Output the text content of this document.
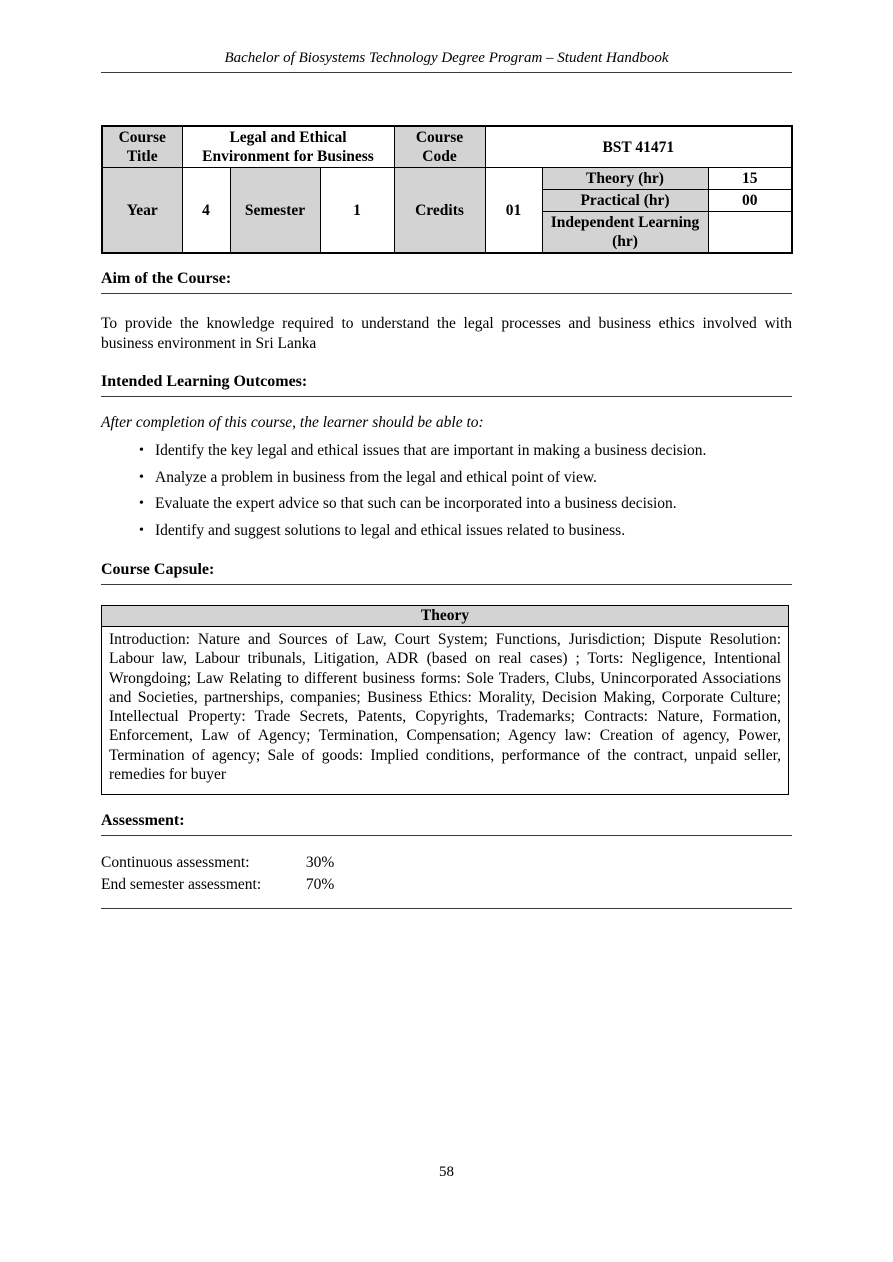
Bachelor of Biosystems Technology Degree Program – Student Handbook
Course Title	Legal and Ethical Environment for Business			Course Code	BST 41471		
Year	4	Semester	1	Credits	01	Theory (hr)	15
						Practical (hr)	00
						Independent Learning (hr)	
Aim of the Course:

To provide the knowledge required to understand the legal processes and business ethics involved with business environment in Sri Lanka

Intended Learning Outcomes:

After completion of this course, the learner should be able to:

• Identify the key legal and ethical issues that are important in making a business decision.
• Analyze a problem in business from the legal and ethical point of view.
• Evaluate the expert advice so that such can be incorporated into a business decision.
• Identify and suggest solutions to legal and ethical issues related to business.
Course Capsule:
Theory
Introduction: Nature and Sources of Law, Court System; Functions, Jurisdiction; Dispute Resolution: Labour law, Labour tribunals, Litigation, ADR (based on real cases) ; Torts: Negligence, Intentional Wrongdoing; Law Relating to different business forms: Sole Traders, Clubs, Unincorporated Associations and Societies, partnerships, companies; Business Ethics: Morality, Decision Making, Corporate Culture; Intellectual Property: Trade Secrets, Patents, Copyrights, Trademarks; Contracts: Nature, Formation, Enforcement, Law of Agency; Termination, Compensation; Agency law: Creation of agency, Power, Termination of agency; Sale of goods: Implied conditions, performance of the contract, unpaid seller, remedies for buyer
Assessment:
Continuous assessment:	30%
End semester assessment:	70%
58
